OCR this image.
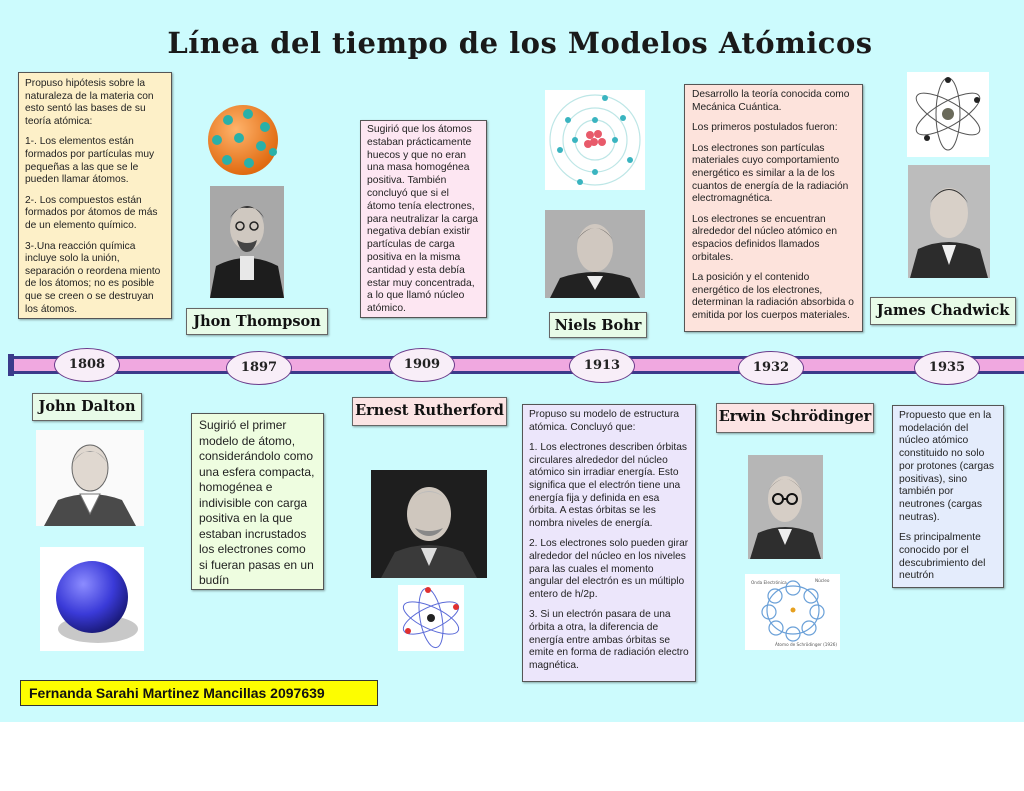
Línea del tiempo de los Modelos Atómicos

Propuso hipótesis sobre la naturaleza de la materia con esto sentó las bases de su teoría atómica:

1-. Los elementos están formados por partículas muy pequeñas a las que se le pueden llamar átomos.

2-. Los compuestos están formados por átomos de más de un elemento químico.

3-.Una reacción química incluye solo la unión, separación o reordena miento de los átomos; no es posible que se creen o se destruyan los átomos.

Sugirió que los átomos estaban prácticamente huecos y que no eran una masa homogénea positiva. También concluyó que si el átomo tenía electrones, para neutralizar la carga negativa debían existir partículas de carga positiva en la misma cantidad y esta debía estar muy concentrada, a lo que llamó núcleo atómico.

Desarrollo la teoría conocida como Mecánica Cuántica.

Los primeros postulados fueron:

Los electrones son partículas materiales cuyo comportamiento energético es similar a la de los cuantos de energía de la radiación electromagnética.

Los electrones se encuentran alrededor del núcleo atómico en espacios definidos llamados orbitales.

La posición y el contenido energético de los electrones, determinan la radiación absorbida o emitida por los cuerpos materiales.

Jhon Thompson	Niels Bohr
James Chadwick
1808	1897	1909	1913	1932	1935
John Dalton	Ernest Rutherford	Erwin Schrödinger

Sugirió el primer modelo de átomo, considerándolo como una esfera compacta, homogénea e indivisible con carga positiva en la que estaban incrustados los electrones como si fueran pasas en un budín

Propuso su modelo de estructura atómica. Concluyó que:

1. Los electrones describen órbitas circulares alrededor del núcleo atómico sin irradiar energía. Esto significa que el electrón tiene una energía fija y definida en esa órbita. A estas órbitas se les nombra niveles de energía.

2. Los electrones solo pueden girar alrededor del núcleo en los niveles para las cuales el momento angular del electrón es un múltiplo entero de h/2p.

3. Si un electrón pasara de una órbita a otra, la diferencia de energía entre ambas órbitas se emite en forma de radiación electro magnética.

Onda Electrónica	Núcleo
Átomo de Schrödinger (1926)

Propuesto que en la modelación del núcleo atómico constituido no solo por protones (cargas positivas), sino también por neutrones (cargas neutras).

Es principalmente conocido por el descubrimiento del neutrón

Fernanda Sarahi Martinez Mancillas 2097639
